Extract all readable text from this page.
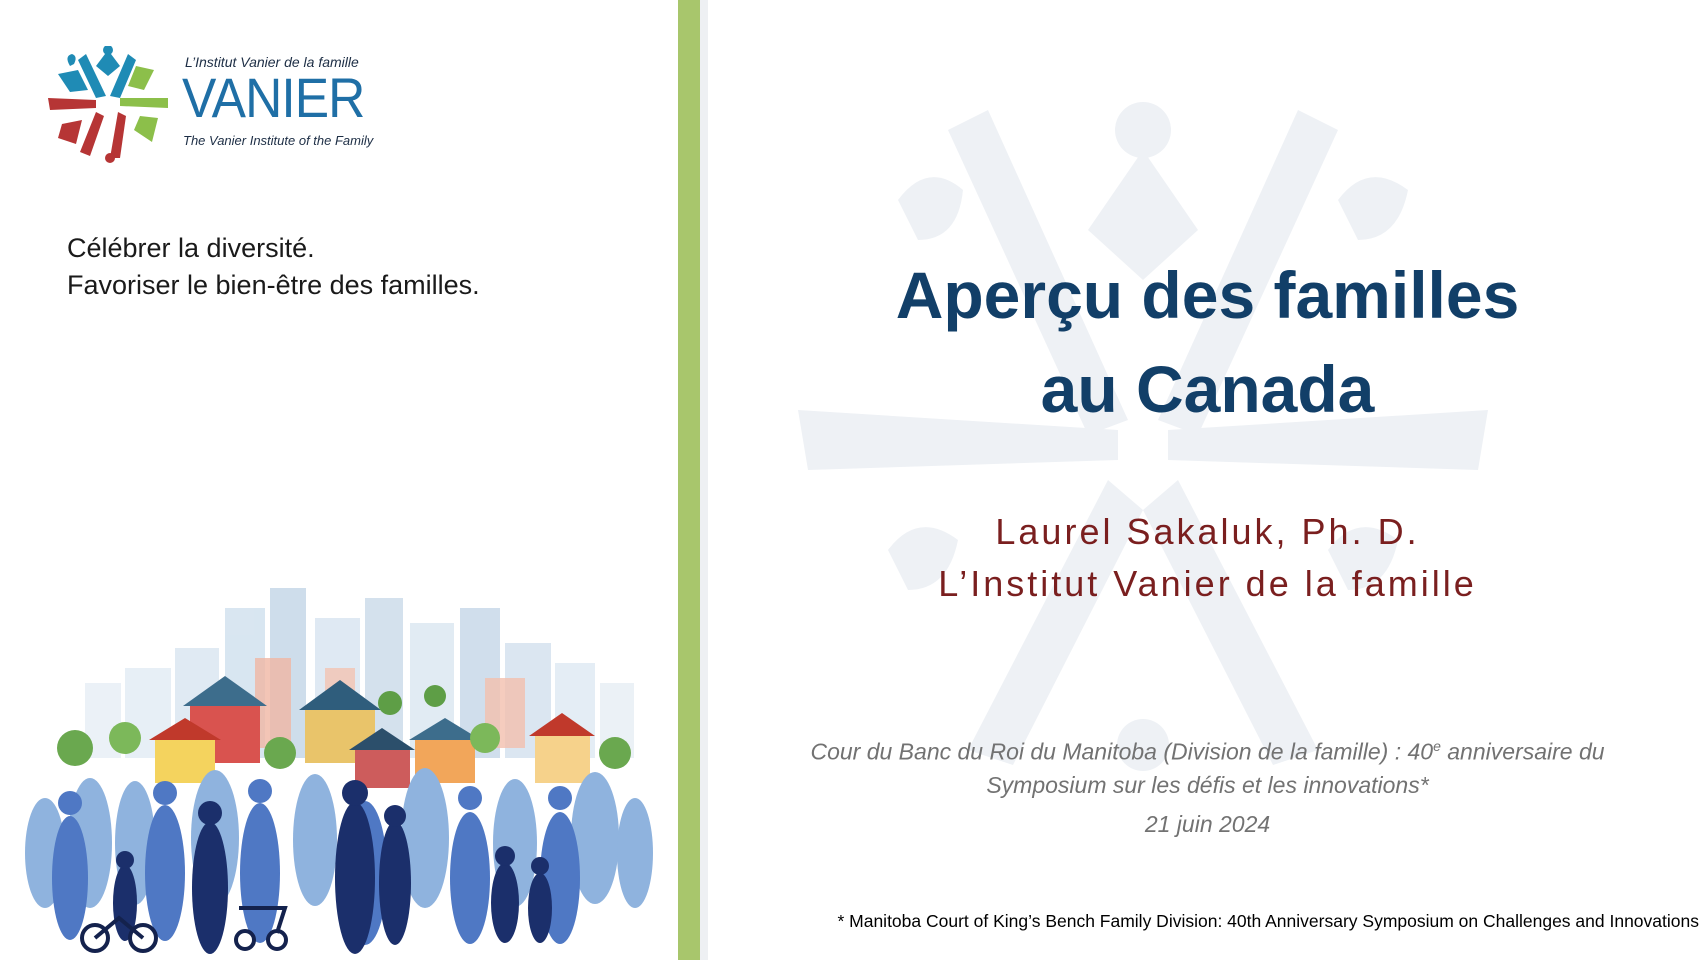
L’Institut Vanier de la famille
VANIER
The Vanier Institute of the Family
Célébrer la diversité.
Favoriser le bien-être des familles.	Aperçu des familles
au Canada
Laurel Sakaluk, Ph. D.
L’Institut Vanier de la famille
Cour du Banc du Roi du Manitoba (Division de la famille) : 40e anniversaire du
Symposium sur les défis et les innovations*
21 juin 2024
* Manitoba Court of King’s Bench Family Division: 40th Anniversary Symposium on Challenges and Innovations
